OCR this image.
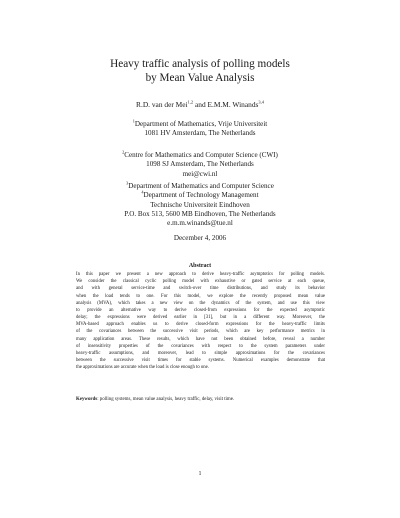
Heavy traffic analysis of polling models
by Mean Value Analysis
R.D. van der Mei$^{1,2}$ and E.M.M. Winands$^{3,4}$
$^1$Department of Mathematics, Vrije Universiteit
1081 HV Amsterdam, The Netherlands
$^2$Centre for Mathematics and Computer Science (CWI)
1098 SJ Amsterdam, The Netherlands
mei@cwi.nl
$^3$Department of Mathematics and Computer Science
$^4$Department of Technology Management
Technische Universiteit Eindhoven
P.O. Box 513, 5600 MB Eindhoven, The Netherlands
e.m.m.winands@tue.nl
December 4, 2006
Abstract
In this paper we present a new approach to derive heavy-traffic asymptotics for polling models.
We consider the classical cyclic polling model with exhaustive or gated service at each queue,
and with general service-time and switch-over time distributions, and study its behavior
when the load tends to one. For this model, we explore the recently proposed mean value
analysis (MVA), which takes a new view on the dynamics of the system, and use this view
to provide an alternative way to derive closed-from expressions for the expected asymptotic
delay; the expressions were derived earlier in [31], but in a different way. Moreover, the
MVA-based approach enables us to derive closed-form expressions for the heavy-traffic limits
of the covariances between the successive visit periods, which are key performance metrics in
many application areas. These results, which have not been obtained before, reveal a number
of insensitivity properties of the covariances with respect to the system parameters under
heavy-traffic assumptions, and moreover, lead to simple approximations for the covariances
between the successive visit times for stable systems. Numerical examples demonstrate that
the approximations are accurate when the load is close enough to one.
Keywords: polling systems, mean value analysis, heavy traffic, delay, visit time.
1
